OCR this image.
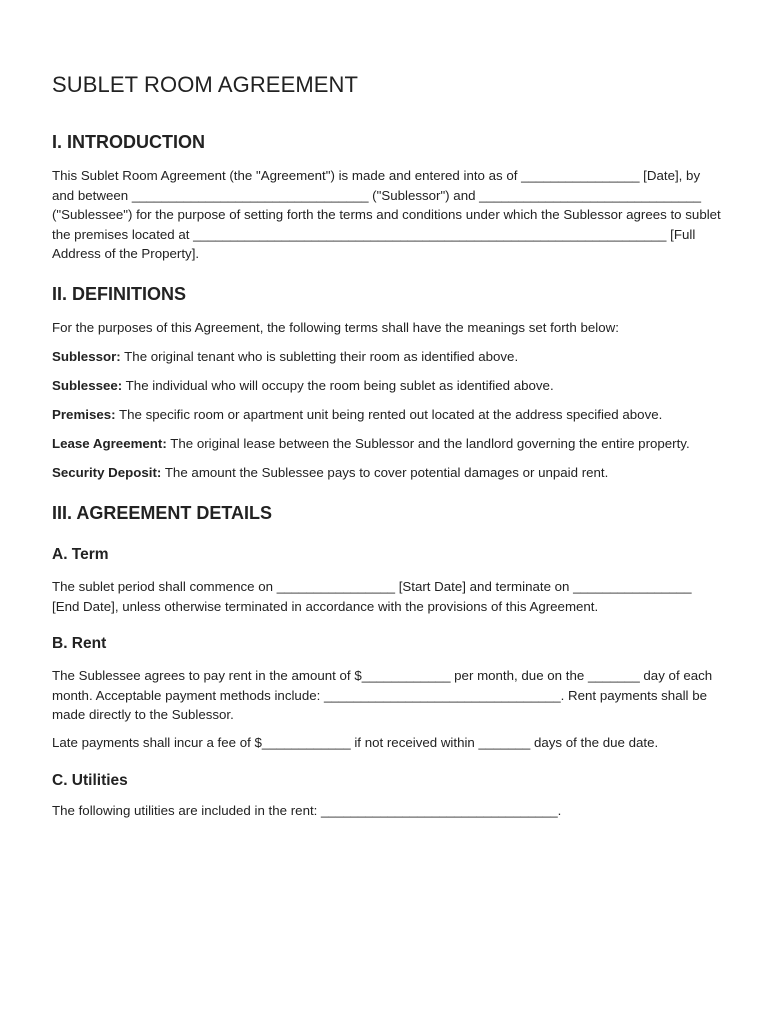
SUBLET ROOM AGREEMENT
I. INTRODUCTION

This Sublet Room Agreement (the "Agreement") is made and entered into as of ________________ [Date], by and between ________________________________ ("Sublessor") and ______________________________ ("Sublessee") for the purpose of setting forth the terms and conditions under which the Sublessor agrees to sublet the premises located at ________________________________________________________________ [Full Address of the Property].

II. DEFINITIONS

For the purposes of this Agreement, the following terms shall have the meanings set forth below:

Sublessor: The original tenant who is subletting their room as identified above.

Sublessee: The individual who will occupy the room being sublet as identified above.

Premises: The specific room or apartment unit being rented out located at the address specified above.

Lease Agreement: The original lease between the Sublessor and the landlord governing the entire property.

Security Deposit: The amount the Sublessee pays to cover potential damages or unpaid rent.

III. AGREEMENT DETAILS
A. Term

The sublet period shall commence on ________________ [Start Date] and terminate on ________________ [End Date], unless otherwise terminated in accordance with the provisions of this Agreement.

B. Rent

The Sublessee agrees to pay rent in the amount of $____________ per month, due on the _______ day of each month. Acceptable payment methods include: ________________________________. Rent payments shall be made directly to the Sublessor.

Late payments shall incur a fee of $____________ if not received within _______ days of the due date.

C. Utilities

The following utilities are included in the rent: ________________________________.
